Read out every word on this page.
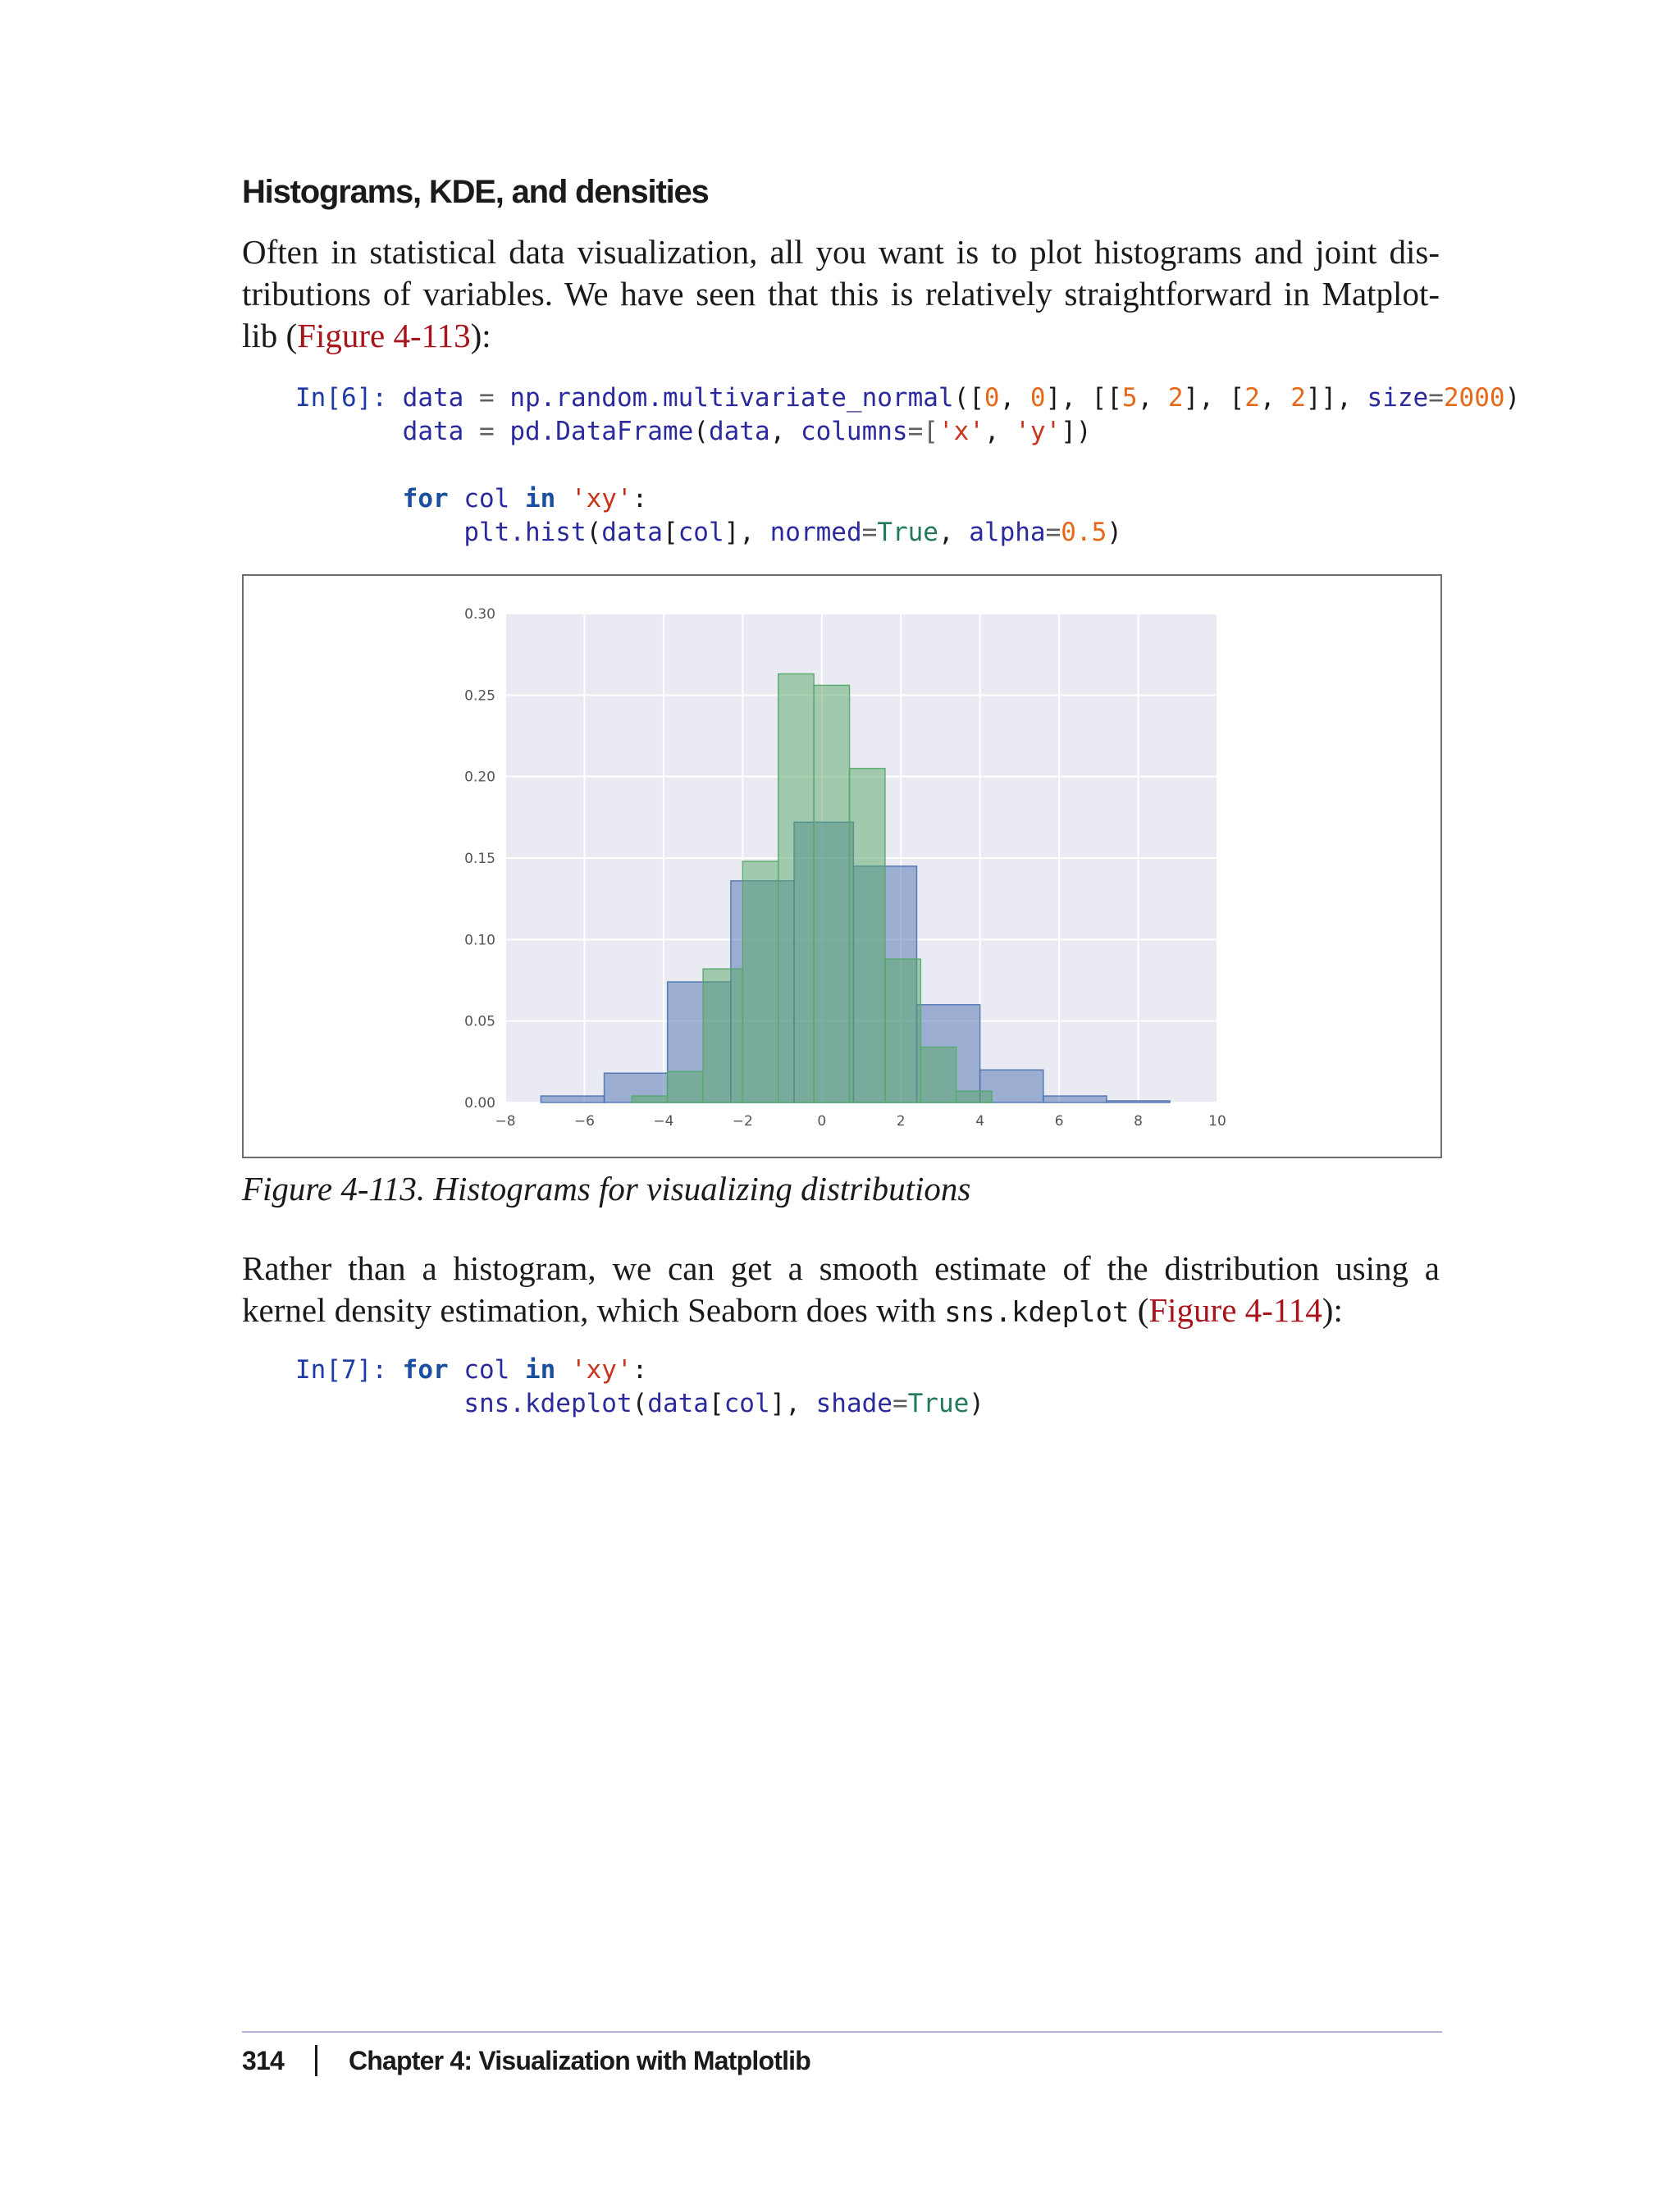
Histograms, KDE, and densities
Often in statistical data visualization, all you want is to plot histograms and joint dis-
tributions of variables. We have seen that this is relatively straightforward in Matplot-
lib (Figure 4-113):
In[6]: data = np.random.multivariate_normal([0, 0], [[5, 2], [2, 2]], size=2000)
data = pd.DataFrame(data, columns=['x', 'y'])

for col in 'xy':
plt.hist(data[col], normed=True, alpha=0.5)
−8	−6	−4	−2	0	2	4	6	8	10
0.00
0.05
0.10
0.15
0.20
0.25
0.30
Figure 4-113. Histograms for visualizing distributions
Rather than a histogram, we can get a smooth estimate of the distribution using a
kernel density estimation, which Seaborn does with sns.kdeplot (Figure 4-114):
In[7]: for col in 'xy':
sns.kdeplot(data[col], shade=True)
314 Chapter 4: Visualization with Matplotlib
